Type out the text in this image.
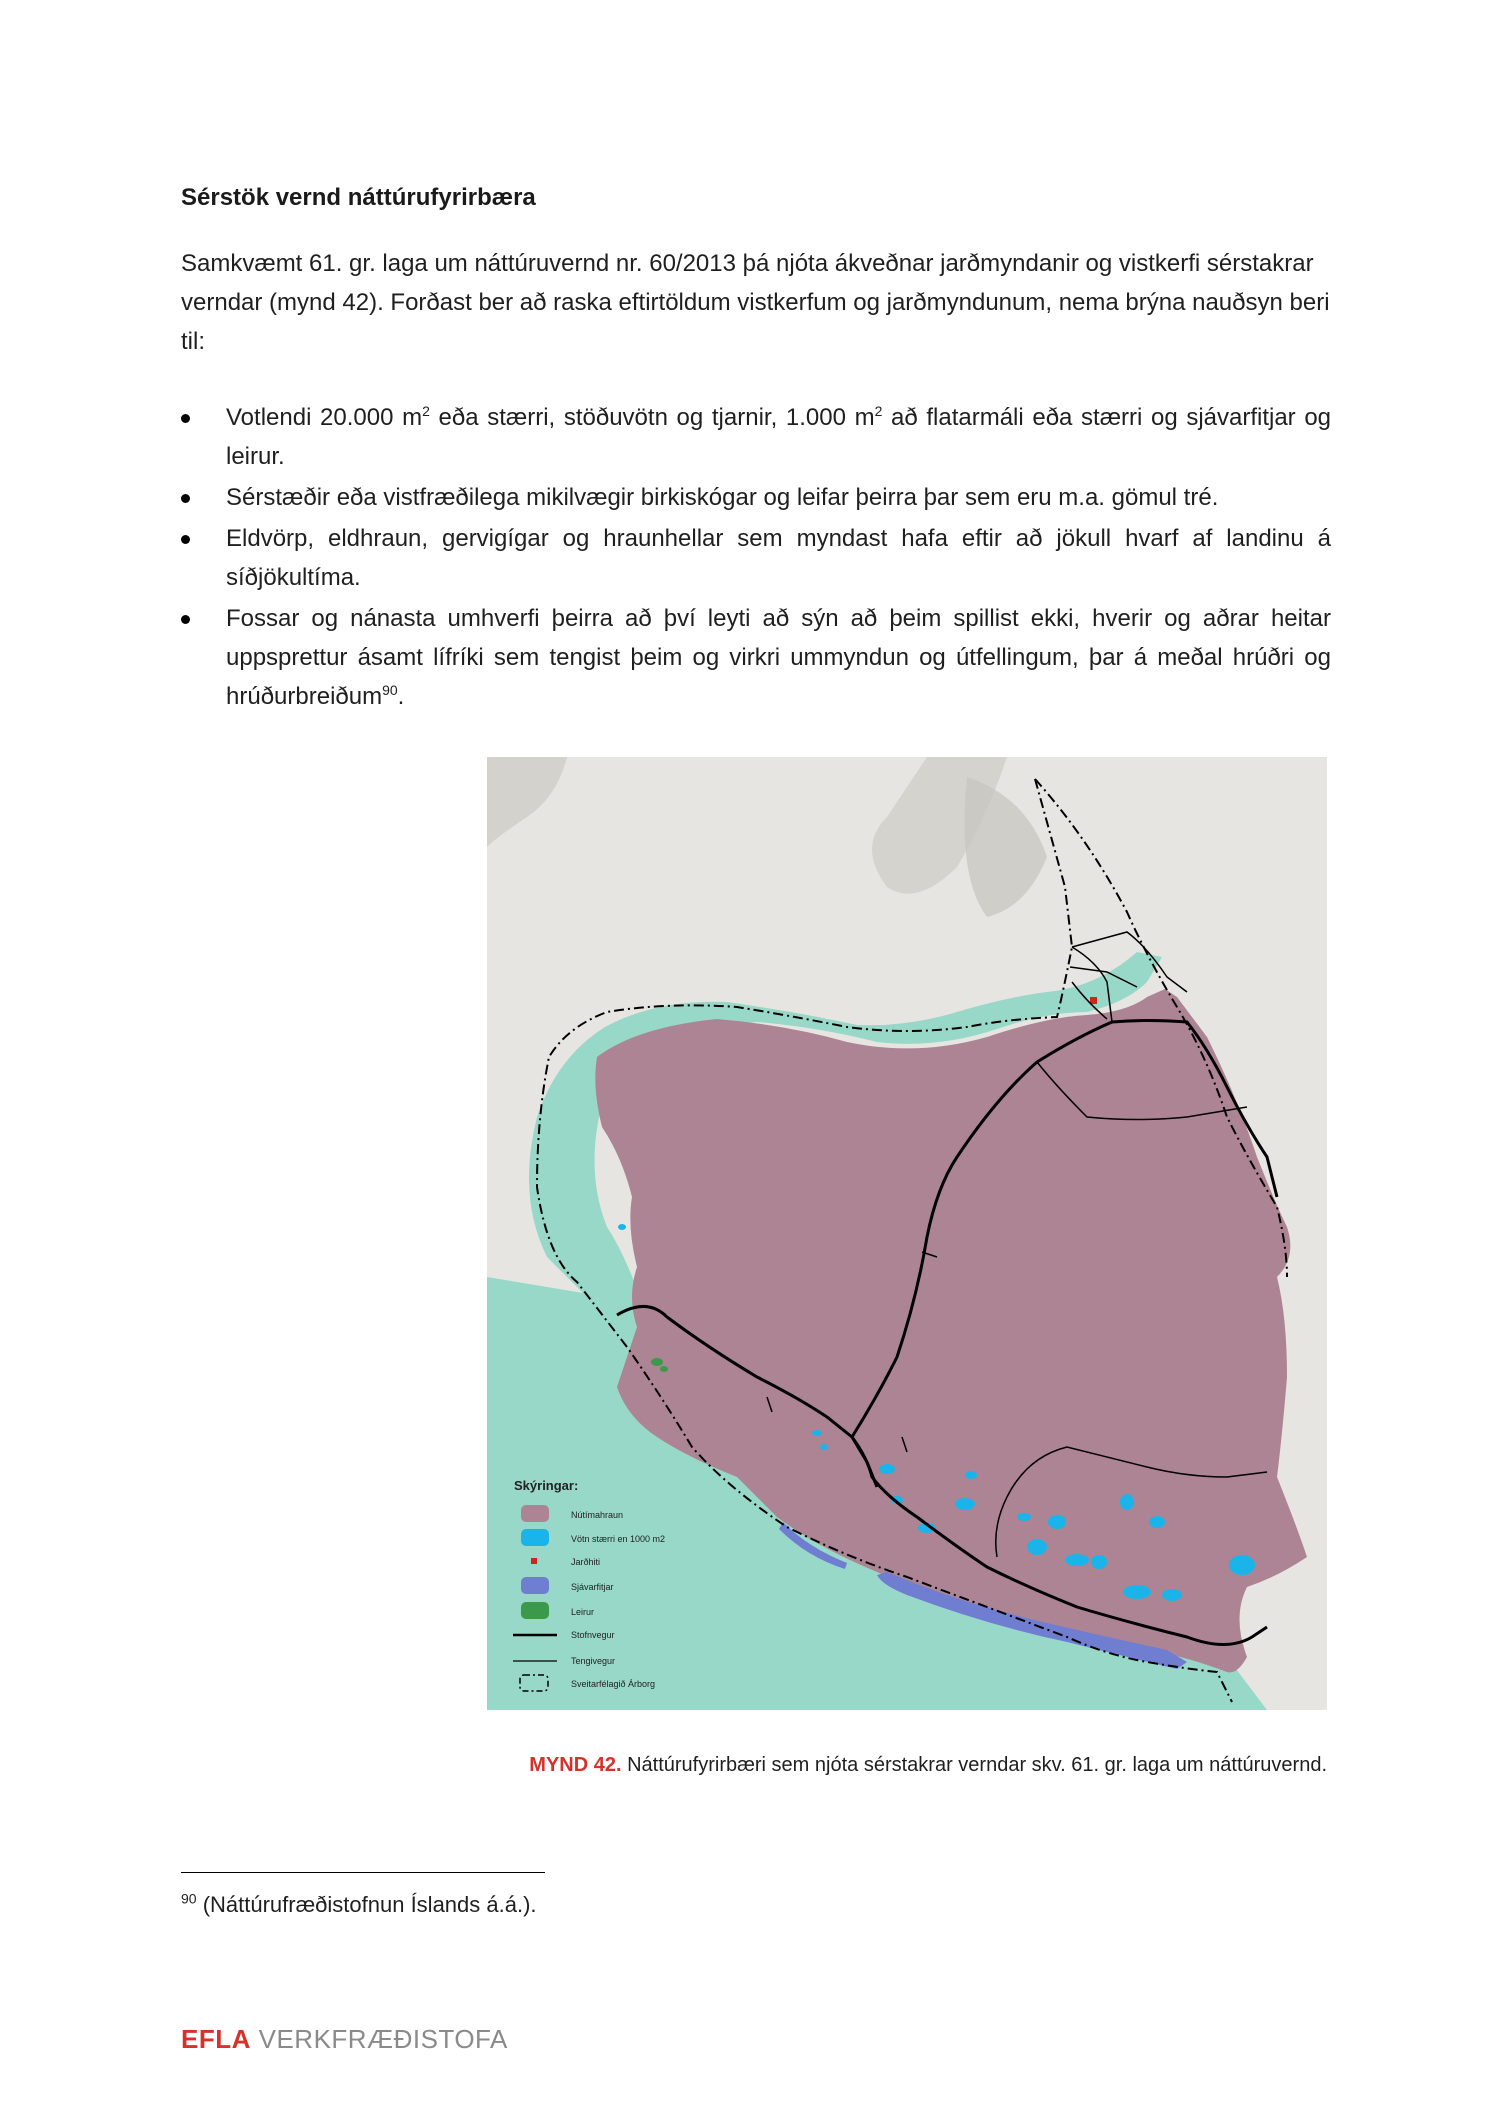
Sérstök vernd náttúrufyrirbæra

Samkvæmt 61. gr. laga um náttúruvernd nr. 60/2013 þá njóta ákveðnar jarðmyndanir og vistkerfi sérstakrar verndar (mynd 42). Forðast ber að raska eftirtöldum vistkerfum og jarðmyndunum, nema brýna nauðsyn beri til:

Votlendi 20.000 $m^2$ eða stærri, stöðuvötn og tjarnir, 1.000 $m^2$ að flatarmáli eða stærri og sjávarfitjar og leirur.
Sérstæðir eða vistfræðilega mikilvægir birkiskógar og leifar þeirra þar sem eru m.a. gömul tré.
Eldvörp, eldhraun, gervigígar og hraunhellar sem myndast hafa eftir að jökull hvarf af landinu á síðjökultíma.
Fossar og nánasta umhverfi þeirra að því leyti að sýn að þeim spillist ekki, hverir og aðrar heitar uppsprettur ásamt lífríki sem tengist þeim og virkri ummyndun og útfellingum, þar á meðal hrúðri og hrúðurbreiðum$^{90}$.
Skýringar:
Nútímahraun
Vötn stærri en 1000 m2
Jarðhiti
Sjávarfitjar
Leirur
Stofnvegur
Tengivegur
Sveitarfélagið Árborg

MYND 42. Náttúrufyrirbæri sem njóta sérstakrar verndar skv. 61. gr. laga um náttúruvernd.

$^{90}$ (Náttúrufræðistofnun Íslands á.á.).

EFLA VERKFRÆÐISTOFA
